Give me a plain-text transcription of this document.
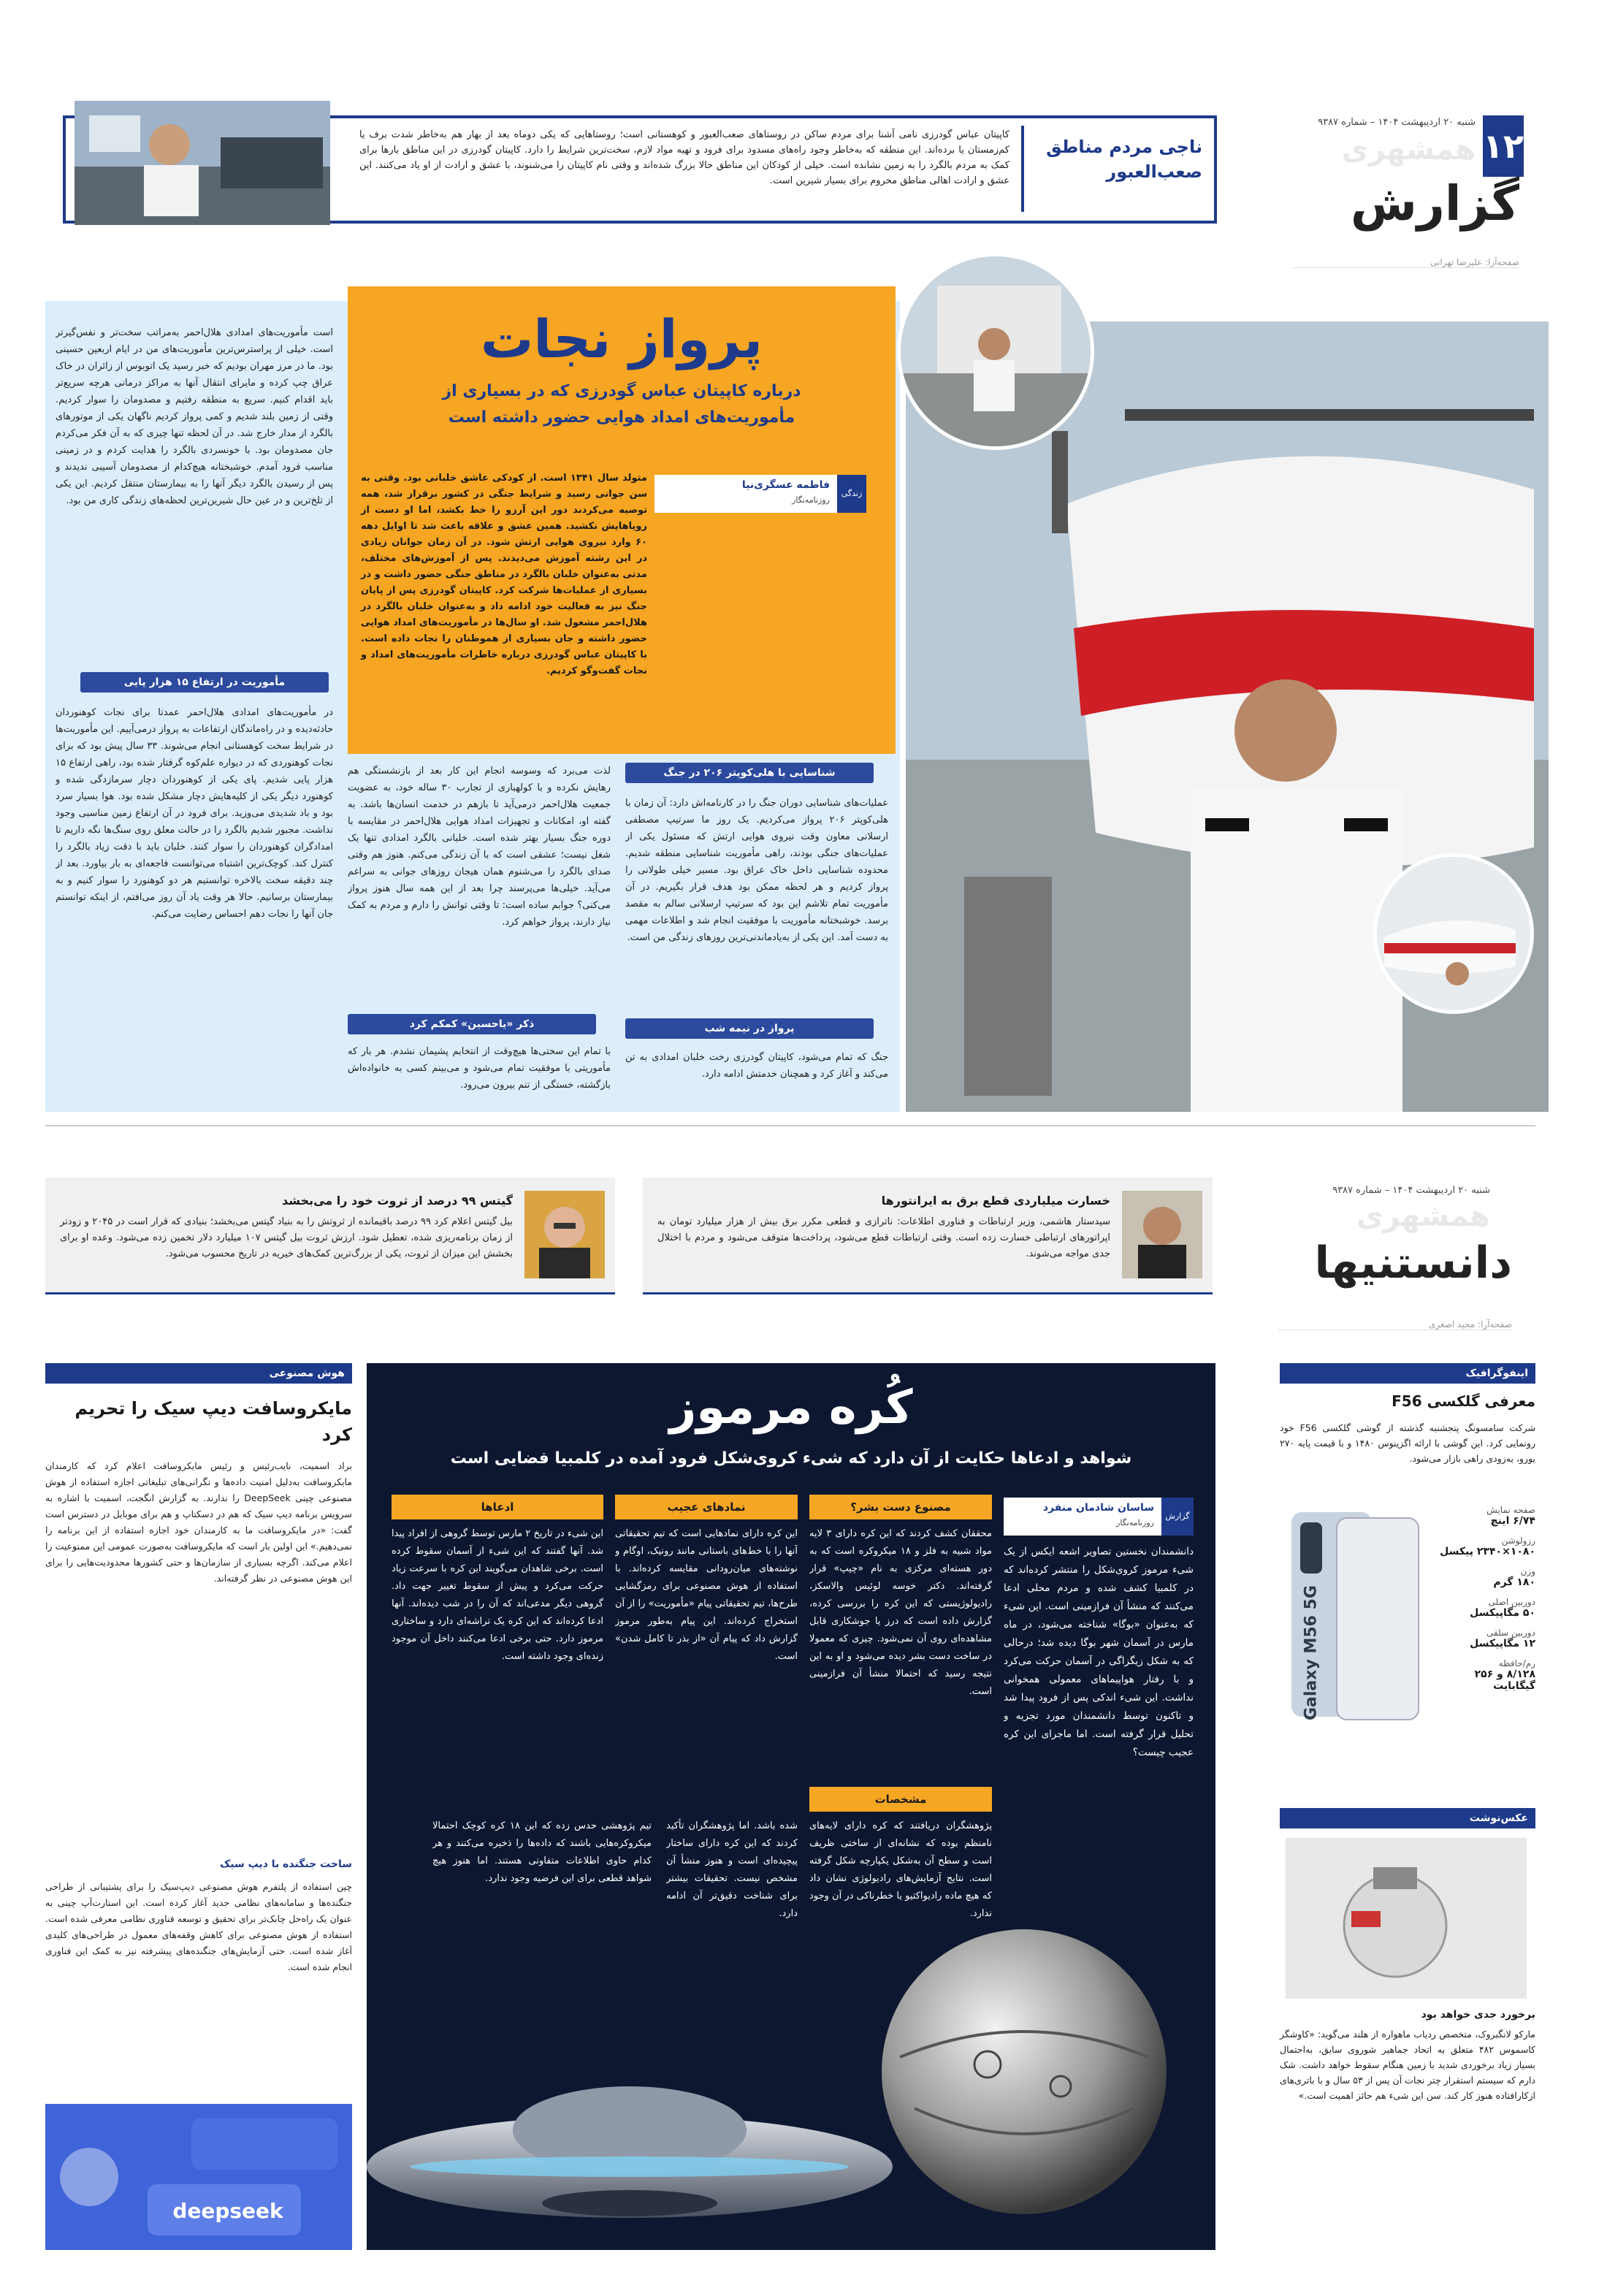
۱۲
شنبه ۲۰ اردیبهشت ۱۴۰۴ – شماره ۹۳۸۷
همشهری
گزارش
صفحه‌آرا: علیرضا تهرانی
ناجی مردم مناطق
صعب‌العبور
کاپیتان عباس گودرزی نامی آشنا برای مردم ساکن در روستاهای صعب‌العبور و کوهستانی است؛ روستاهایی که یکی دوماه بعد از بهار هم به‌خاطر شدت برف یا کم‌زمستان یا برده‌اند. این منطقه که به‌خاطر وجود راه‌های مسدود برای فرود و تهیه مواد لازم، سخت‌ترین شرایط را دارد. کاپیتان گودرزی در این مناطق بارها برای کمک به مردم بالگرد را به زمین نشانده است. خیلی از کودکان این مناطق حالا بزرگ شده‌اند و وقتی نام کاپیتان را می‌شنوند، با عشق و ارادت از او یاد می‌کنند. این عشق و ارادت اهالی مناطق محروم برای بسیار شیرین است.
پرواز نجات
درباره کاپیتان عباس گودرزی که در بسیاری از مأموریت‌های امداد هوایی حضور داشته است
زندگی
فاطمه عسگری‌نیا
روزنامه‌نگار
متولد سال ۱۳۴۱ است. از کودکی عاشق خلبانی بود. وقتی به سن جوانی رسید و شرایط جنگی در کشور برقرار شد، همه توصیه می‌کردند دور این آرزو را خط بکشد، اما او دست از رویاهایش نکشید. همین عشق و علاقه باعث شد تا اوایل دهه ۶۰ وارد نیروی هوایی ارتش شود. در آن زمان جوانان زیادی در این رشته آموزش می‌دیدند. پس از آموزش‌های مختلف، مدتی به‌عنوان خلبان بالگرد در مناطق جنگی حضور داشت و در بسیاری از عملیات‌ها شرکت کرد. کاپیتان گودرزی پس از پایان جنگ نیز به فعالیت خود ادامه داد و به‌عنوان خلبان بالگرد در هلال‌احمر مشغول شد. او سال‌ها در مأموریت‌های امداد هوایی حضور داشته و جان بسیاری از هموطنان را نجات داده است. با کاپیتان عباس گودرزی درباره خاطرات مأموریت‌های امداد و نجات گفت‌وگو کردیم.
است مأموریت‌های امدادی هلال‌احمر به‌مراتب سخت‌تر و نفس‌گیرتر است. خیلی از پراسترس‌ترین مأموریت‌های من در ایام اربعین حسینی بود. ما در مرز مهران بودیم که خبر رسید یک اتوبوس از زائران در خاک عراق چپ کرده و مایرای انتقال آنها به مراکز درمانی هرچه سریع‌تر باید اقدام کنیم. سریع به منطقه رفتیم و مصدومان را سوار کردیم. وقتی از زمین بلند شدیم و کمی پرواز کردیم ناگهان یکی از موتورهای بالگرد از مدار خارج شد. در آن لحظه تنها چیزی که به آن فکر می‌کردم جان مصدومان بود. با خونسردی بالگرد را هدایت کردم و در زمینی مناسب فرود آمدم. خوشبختانه هیچ‌کدام از مصدومان آسیبی ندیدند و پس از رسیدن بالگرد دیگر آنها را به بیمارستان منتقل کردیم. این یکی از تلخ‌ترین و در عین حال شیرین‌ترین لحظه‌های زندگی کاری من بود.
مأموریت در ارتفاع ۱۵ هزار پایی
در مأموریت‌های امدادی هلال‌احمر عمدتا برای نجات کوهنوردان حادثه‌دیده و در راه‌ماندگان ارتفاعات به پرواز درمی‌آییم. این مأموریت‌ها در شرایط سخت کوهستانی انجام می‌شوند. ۳۳ سال پیش بود که برای نجات کوهنوردی که در دیواره علم‌کوه گرفتار شده بود، راهی ارتفاع ۱۵ هزار پایی شدیم. پای یکی از کوهنوردان دچار سرمازدگی شده و کوهنورد دیگر یکی از کلیه‌هایش دچار مشکل شده بود. هوا بسیار سرد بود و باد شدیدی می‌وزید. برای فرود در آن ارتفاع زمین مناسبی وجود نداشت. مجبور شدیم بالگرد را در حالت معلق روی سنگ‌ها نگه داریم تا امدادگران کوهنوردان را سوار کنند. خلبان باید با دقت زیاد بالگرد را کنترل کند. کوچک‌ترین اشتباه می‌توانست فاجعه‌ای به بار بیاورد. بعد از چند دقیقه سخت بالاخره توانستیم هر دو کوهنورد را سوار کنیم و به بیمارستان برسانیم. حالا هر وقت یاد آن روز می‌افتم، از اینکه توانستم جان آنها را نجات دهم احساس رضایت می‌کنم.
لذت می‌برد که وسوسه انجام این کار بعد از بازنشستگی هم رهایش نکرده و با کولهباری از تجارب ۳۰ ساله خود، به عضویت جمعیت هلال‌احمر درمی‌آید تا بازهم در خدمت انسان‌ها باشد. به گفته او، امکانات و تجهیزات امداد هوایی هلال‌احمر در مقایسه با دوره جنگ بسیار بهتر شده است. خلبانی بالگرد امدادی تنها یک شغل نیست؛ عشقی است که با آن زندگی می‌کنم. هنوز هم وقتی صدای بالگرد را می‌شنوم همان هیجان روزهای جوانی به سراغم می‌آید. خیلی‌ها می‌پرسند چرا بعد از این همه سال هنوز پرواز می‌کنی؟ جوابم ساده است: تا وقتی توانش را دارم و مردم به کمک نیاز دارند، پرواز خواهم کرد.
ذکر «یاحسین» کمکم کرد
با تمام این سختی‌ها هیچ‌وقت از انتخابم پشیمان نشدم. هر بار که مأموریتی با موفقیت تمام می‌شود و می‌بینم کسی به خانواده‌اش بازگشته، خستگی از تنم بیرون می‌رود.
شناسایی با هلی‌کوپتر ۲۰۶ در جنگ
عملیات‌های شناسایی دوران جنگ را در کارنامه‌اش دارد: آن زمان با هلی‌کوپتر ۲۰۶ پرواز می‌کردیم. یک روز ما سرتیپ مصطفی ارسلانی معاون وقت نیروی هوایی ارتش که مسئول یکی از عملیات‌های جنگی بودند، راهی مأموریت شناسایی منطقه شدیم. محدوده شناسایی داخل خاک عراق بود. مسیر خیلی طولانی را پرواز کردیم و هر لحظه ممکن بود هدف قرار بگیریم. در آن مأموریت تمام تلاشم این بود که سرتیپ ارسلانی سالم به مقصد برسد. خوشبختانه مأموریت با موفقیت انجام شد و اطلاعات مهمی به دست آمد. این یکی از به‌یادماندنی‌ترین روزهای زندگی من است.
پرواز در نیمه شب
جنگ که تمام می‌شود، کاپیتان گودرزی رخت خلبان امدادی به تن می‌کند و آغاز کرد و همچنان خدمتش ادامه دارد.
شنبه ۲۰ اردیبهشت ۱۴۰۴ – شماره ۹۳۸۷
همشهری
دانستنیها
صفحه‌آرا: مجید اصغری
خسارت میلیاردی قطع برق به ایرانتورها
سیدستار هاشمی، وزیر ارتباطات و فناوری اطلاعات: ناترازی و قطعی مکرر برق بیش از هزار میلیارد تومان به اپراتورهای ارتباطی خسارت زده است. وقتی ارتباطات قطع می‌شود، پرداخت‌ها متوقف می‌شود و مردم با اختلال جدی مواجه می‌شوند.
گیتس ۹۹ درصد از ثروت خود را می‌بخشد
بیل گیتس اعلام کرد ۹۹ درصد باقیمانده از ثروتش را به بنیاد گیتس می‌بخشد؛ بنیادی که قرار است در ۲۰۴۵ و زودتر از زمان برنامه‌ریزی شده، تعطیل شود. ارزش ثروت بیل گیتس ۱۰۷ میلیارد دلار تخمین زده می‌شود. وعده او برای بخشش این میزان از ثروت، یکی از بزرگ‌ترین کمک‌های خیریه در تاریخ محسوب می‌شود.
اینفوگرافیک
معرفی گلکسی F56
شرکت سامسونگ پنجشنبه گذشته از گوشی گلکسی F56 خود رونمایی کرد. این گوشی با ارائه اگزینوس ۱۴۸۰ و با قیمت پایه ۲۷۰ یورو، به‌زودی راهی بازار می‌شود.
Galaxy M56 5G
صفحه نمایش
۶/۷۴ اینچ
رزولوشن
۱۰۸۰×۲۳۴۰ پیکسل
وزن
۱۸۰ گرم
دوربین اصلی
۵۰ مگاپیکسل
دوربین سلفی
۱۲ مگاپیکسل
رم/حافظه
۸/۱۲۸ و ۲۵۶ گیگابایت
عکس‌نوشت
برخورد جدی خواهد بود
مارکو لانگبروک، متخصص ردیاب ماهواره از هلند می‌گوید: «کاوشگر کاسموس ۴۸۲ متعلق به اتحاد جماهیر شوروی سابق، به‌احتمال بسیار زیاد برخوردی شدید با زمین هنگام سقوط خواهد داشت. شک دارم که سیستم استقرار چتر نجات آن پس از ۵۳ سال و با باتری‌های ازکارافتاده هنوز کار کند. سن این شیء هم حائز اهمیت است.»
هوش مصنوعی
مایکروسافت دیپ سیک را تحریم کرد
براد اسمیت، نایب‌رئیس و رئیس مایکروسافت اعلام کرد که کارمندان مایکروسافت به‌دلیل امنیت داده‌ها و نگرانی‌های تبلیغاتی اجازه استفاده از هوش مصنوعی چینی DeepSeek را ندارند. به گزارش انگجت، اسمیت با اشاره به سرویس برنامه دیپ سیک که هم در دسکتاپ و هم برای موبایل در دسترس است گفت: «در مایکروسافت ما به کارمندان خود اجازه استفاده از این برنامه را نمی‌دهیم.» این اولین بار است که مایکروسافت به‌صورت عمومی این ممنوعیت را اعلام می‌کند. اگرچه بسیاری از سازمان‌ها و حتی کشورها محدودیت‌هایی را برای این هوش مصنوعی در نظر گرفته‌اند.
ساخت جنگنده با دیپ سیک
چین استفاده از پلتفرم هوش مصنوعی دیپ‌سیک را برای پشتیبانی از طراحی جنگنده‌ها و سامانه‌های نظامی جدید آغاز کرده است. این استارت‌آپ چینی به عنوان یک راه‌حل چابک‌تر برای تحقیق و توسعه فناوری نظامی معرفی شده است. استفاده از هوش مصنوعی برای کاهش وقفه‌های معمول در طراحی‌های کلیدی آغاز شده است. حتی آزمایش‌های جنگنده‌های پیشرفته نیز به کمک این فناوری انجام شده است.
deepseek
کُره مرموز
شواهد و ادعاها حکایت از آن دارد که شیء کروی‌شکل فرود آمده در کلمبیا فضایی است
گزارش
ساسان شادمان منفرد
روزنامه‌نگار
دانشمندان نخستین تصاویر اشعه ایکس از یک شیء مرموز کروی‌شکل را منتشر کرده‌اند که در کلمبیا کشف شده و مردم محلی ادعا می‌کنند که منشأ آن فرازمینی است. این شیء که به‌عنوان «بوگا» شناخته می‌شود، در ماه مارس در آسمان شهر بوگا دیده شد؛ درحالی که به شکل زیگزاگی در آسمان حرکت می‌کرد و با رفتار هواپیماهای معمولی همخوانی نداشت. این شیء اندکی پس از فرود پیدا شد و تاکنون توسط دانشمندان مورد تجزیه و تحلیل قرار گرفته است. اما ماجرای این کره عجیب چیست؟
مصنوع دست بشر؟
محققان کشف کردند که این کره دارای ۳ لایه مواد شبیه به فلز و ۱۸ میکروکره است که به دور هسته‌ای مرکزی به نام «چیپ» قرار گرفته‌اند. دکتر خوسه لوئیس والاسکز، رادیولوژیستی که این کره را بررسی کرده، گزارش داده است که درز یا جوشکاری قابل مشاهده‌ای روی آن نمی‌شود. چیزی که معمولا در ساخت دست بشر دیده می‌شود و او به این نتیجه رسید که احتمالا منشأ آن فرازمینی است.
نمادهای عجیب
این کره دارای نمادهایی است که تیم تحقیقاتی آنها را با خط‌های باستانی مانند رونیک، اوگام و نوشته‌های میان‌رودانی مقایسه کرده‌اند. با استفاده از هوش مصنوعی برای رمزگشایی طرح‌ها، تیم تحقیقاتی پیام «مأموریت» را از آن استخراج کرده‌اند. این پیام به‌طور مرموز گزارش داد که پیام آن «از بذر تا کامل شدن» است.
ادعاها
این شیء در تاریخ ۲ مارس توسط گروهی از افراد پیدا شد. آنها گفتند که این شیء از آسمان سقوط کرده است. برخی شاهدان می‌گویند این کره با سرعت زیاد حرکت می‌کرد و پیش از سقوط تغییر جهت داد. گروهی دیگر مدعی‌اند که آن را در شب دیده‌اند. آنها ادعا کرده‌اند که این کره یک تراشه‌ای دارد و ساختاری مرموز دارد. حتی برخی ادعا می‌کنند داخل آن موجود زنده‌ای وجود داشته است.
مشخصات
پژوهشگران دریافتند که کره دارای لایه‌های نامنظم بوده که نشانه‌ای از ساختی ظریف است و سطح آن به‌شکل یکپارچه شکل گرفته است. نتایج آزمایش‌های رادیولوژی نشان داد که هیچ ماده رادیواکتیو یا خطرناکی در آن وجود ندارد.
شده باشد. اما پژوهشگران تأکید کردند که این کره دارای ساختار پیچیده‌ای است و هنوز منشأ آن مشخص نیست. تحقیقات بیشتر برای شناخت دقیق‌تر آن ادامه دارد.
تیم پژوهشی حدس زده که این ۱۸ کره کوچک احتمالا میکروکره‌هایی باشند که داده‌ها را ذخیره می‌کنند و هر کدام حاوی اطلاعات متفاوتی هستند. اما هنوز هیچ شواهد قطعی برای این فرضیه وجود ندارد.
